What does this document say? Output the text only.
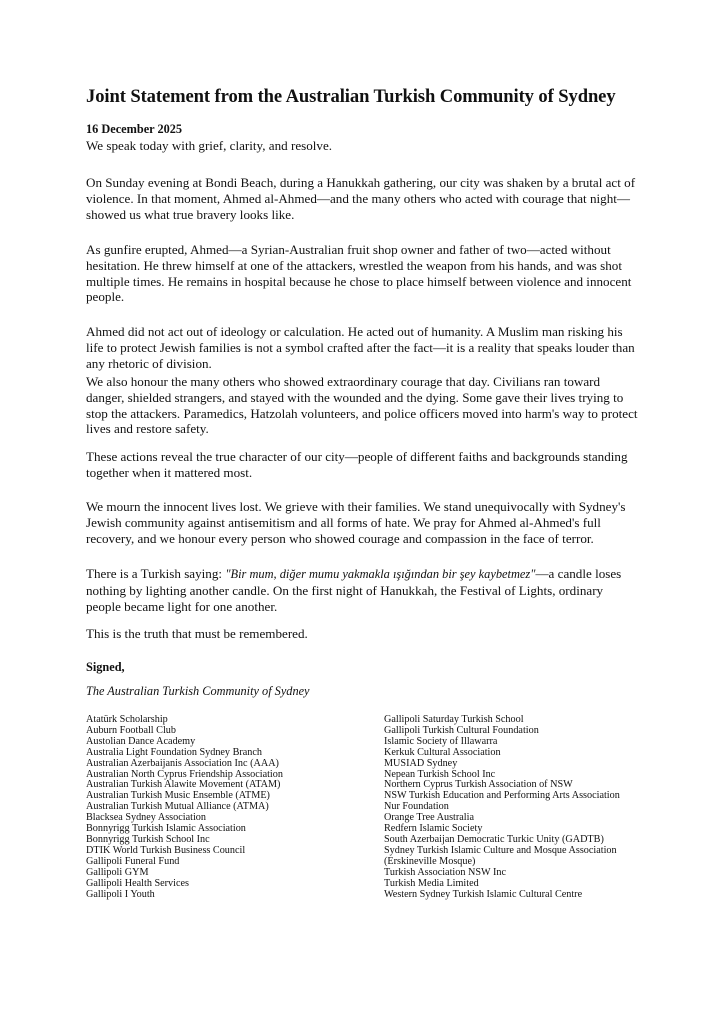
Joint Statement from the Australian Turkish Community of Sydney
16 December 2025

We speak today with grief, clarity, and resolve.

On Sunday evening at Bondi Beach, during a Hanukkah gathering, our city was shaken by a brutal act of violence. In that moment, Ahmed al-Ahmed—and the many others who acted with courage that night—showed us what true bravery looks like.

As gunfire erupted, Ahmed—a Syrian-Australian fruit shop owner and father of two—acted without hesitation. He threw himself at one of the attackers, wrestled the weapon from his hands, and was shot multiple times. He remains in hospital because he chose to place himself between violence and innocent people.

Ahmed did not act out of ideology or calculation. He acted out of humanity. A Muslim man risking his life to protect Jewish families is not a symbol crafted after the fact—it is a reality that speaks louder than any rhetoric of division.

We also honour the many others who showed extraordinary courage that day. Civilians ran toward danger, shielded strangers, and stayed with the wounded and the dying. Some gave their lives trying to stop the attackers. Paramedics, Hatzolah volunteers, and police officers moved into harm's way to protect lives and restore safety.

These actions reveal the true character of our city—people of different faiths and backgrounds standing together when it mattered most.

We mourn the innocent lives lost. We grieve with their families. We stand unequivocally with Sydney's Jewish community against antisemitism and all forms of hate. We pray for Ahmed al-Ahmed's full recovery, and we honour every person who showed courage and compassion in the face of terror.

There is a Turkish saying: "Bir mum, diğer mumu yakmakla ışığından bir şey kaybetmez"—a candle loses nothing by lighting another candle. On the first night of Hanukkah, the Festival of Lights, ordinary people became light for one another.

This is the truth that must be remembered.

Signed,
The Australian Turkish Community of Sydney
Atatürk Scholarship
Auburn Football Club
Austolian Dance Academy
Australia Light Foundation Sydney Branch
Australian Azerbaijanis Association Inc (AAA)
Australian North Cyprus Friendship Association
Australian Turkish Alawite Movement (ATAM)
Australian Turkish Music Ensemble (ATME)
Australian Turkish Mutual Alliance (ATMA)
Blacksea Sydney Association
Bonnyrigg Turkish Islamic Association
Bonnyrigg Turkish School Inc
DTIK World Turkish Business Council
Gallipoli Funeral Fund
Gallipoli GYM
Gallipoli Health Services
Gallipoli I Youth
Gallipoli Saturday Turkish School
Gallipoli Turkish Cultural Foundation
Islamic Society of Illawarra
Kerkuk Cultural Association
MUSIAD Sydney
Nepean Turkish School Inc
Northern Cyprus Turkish Association of NSW
NSW Turkish Education and Performing Arts Association
Nur Foundation
Orange Tree Australia
Redfern Islamic Society
South Azerbaijan Democratic Turkic Unity (GADTB)
Sydney Turkish Islamic Culture and Mosque Association
(Erskineville Mosque)
Turkish Association NSW Inc
Turkish Media Limited
Western Sydney Turkish Islamic Cultural Centre
